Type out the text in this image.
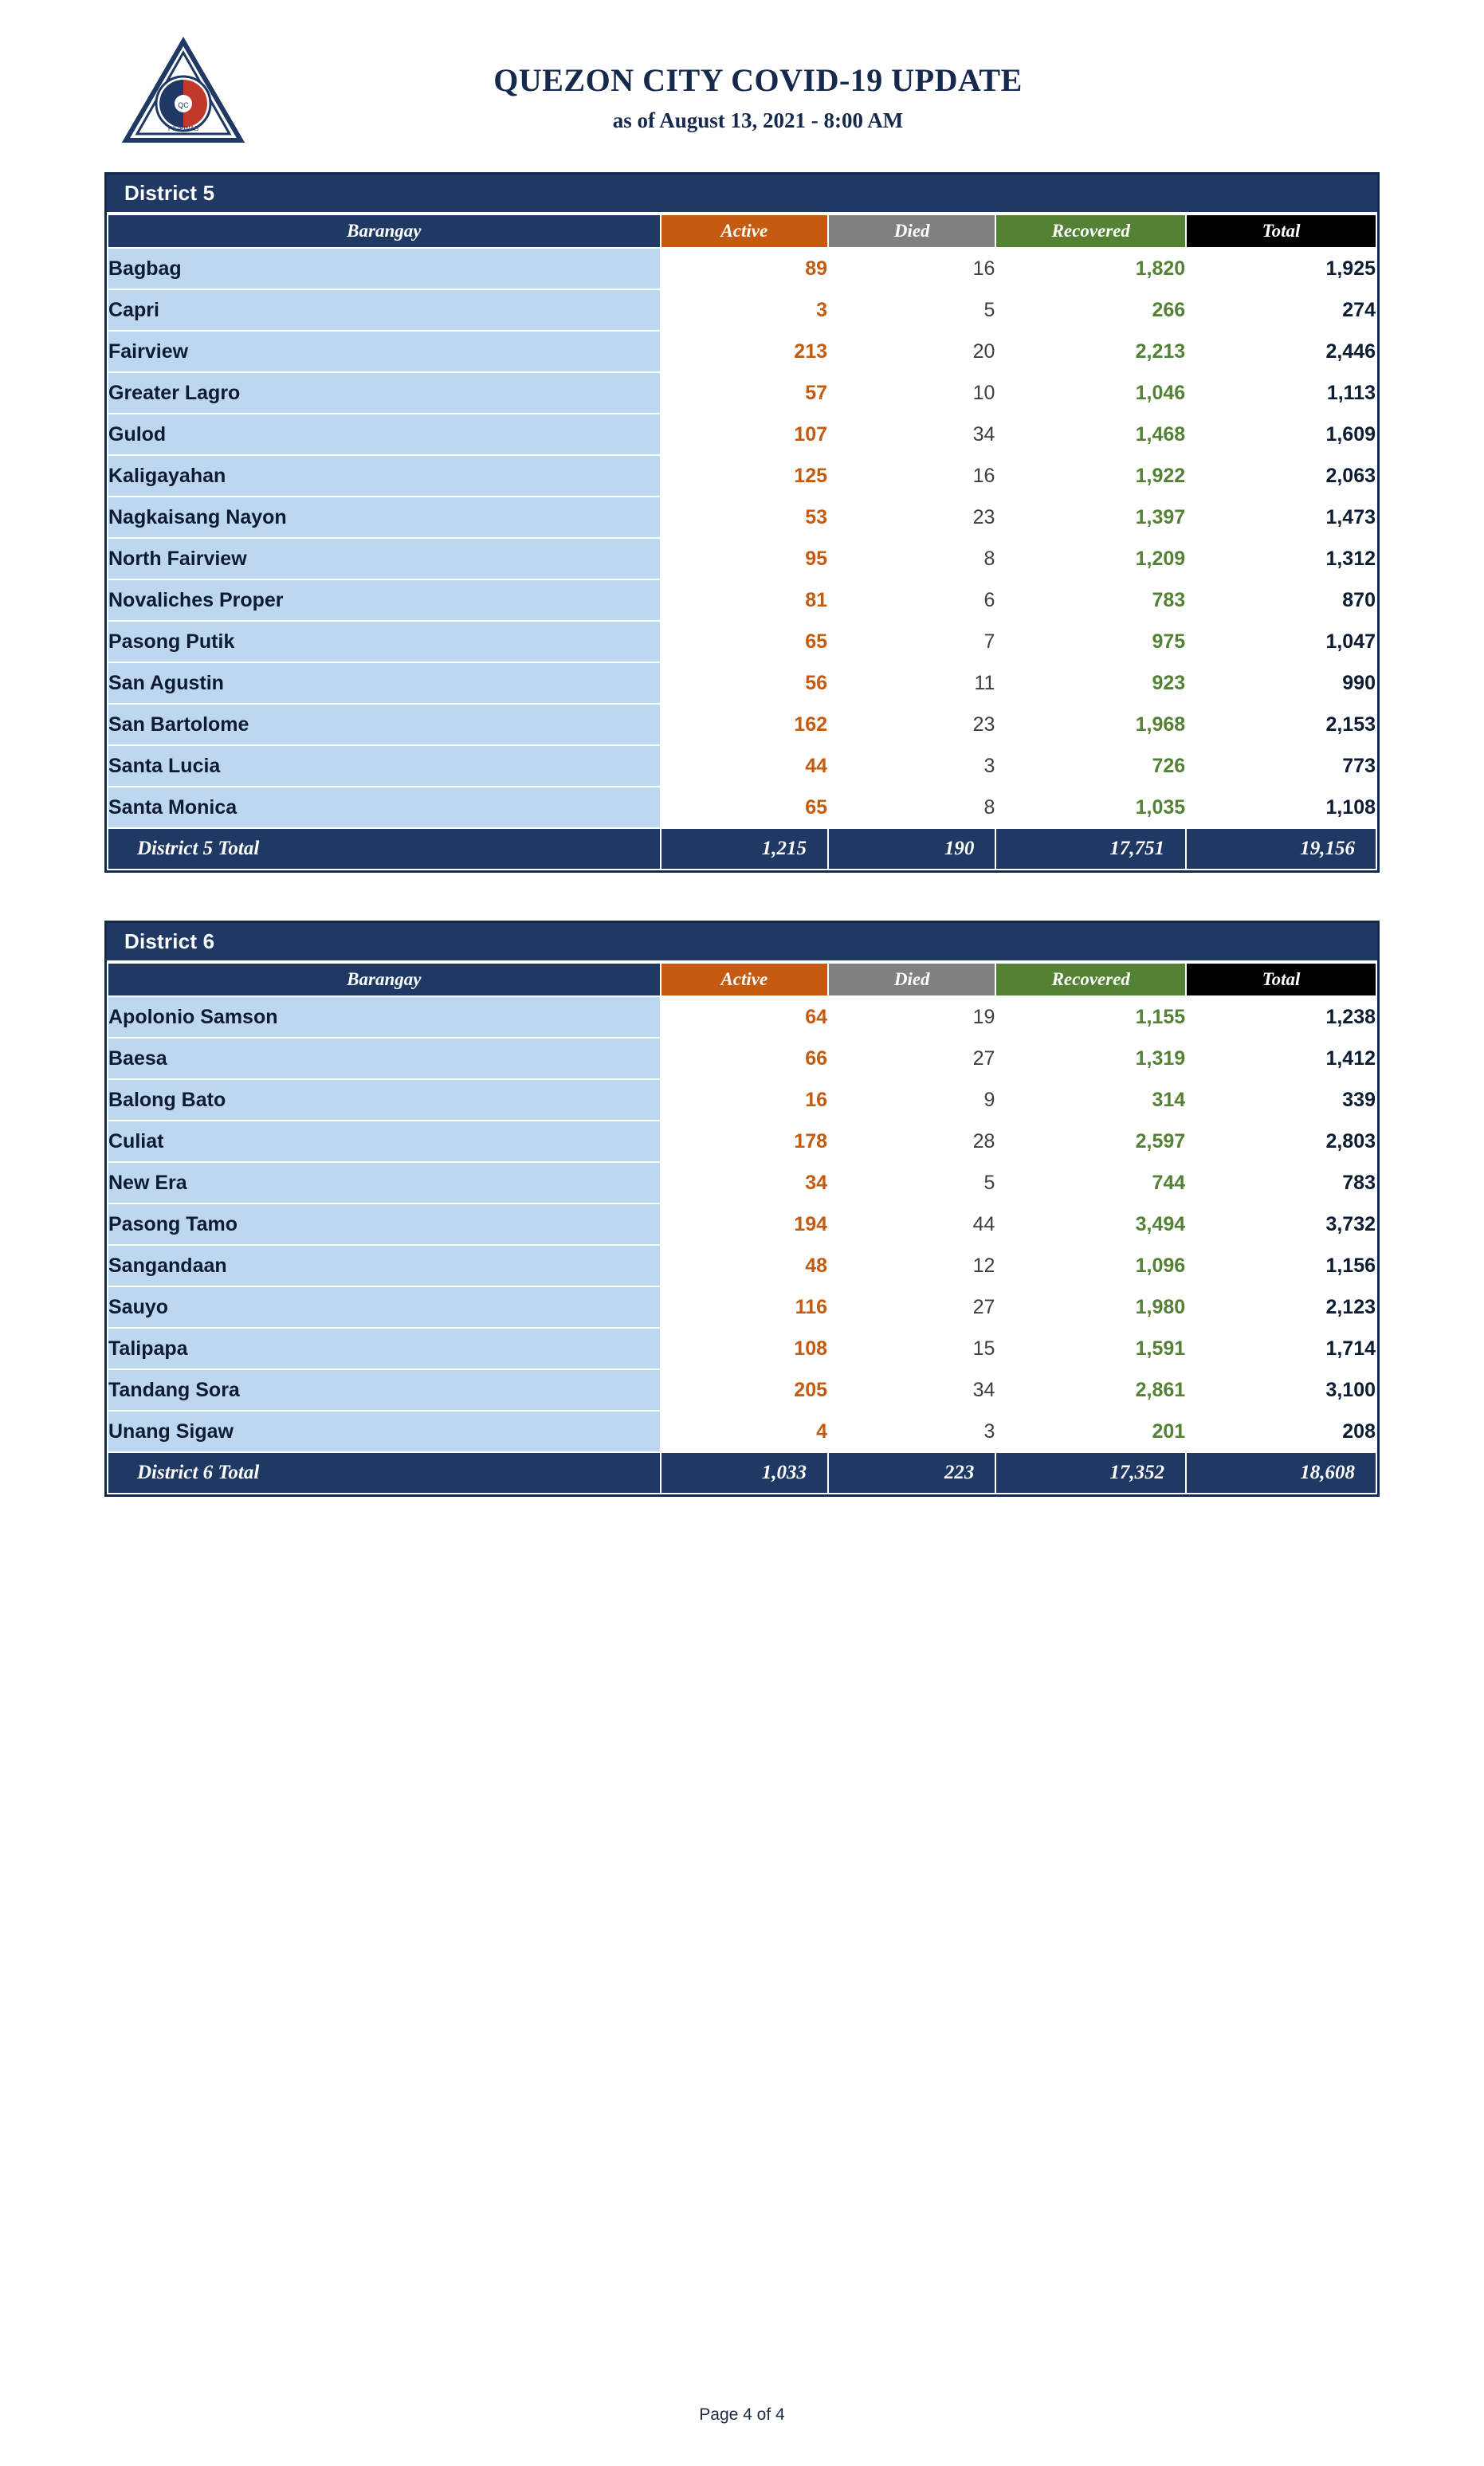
QC
PILIPINAS
QUEZON CITY COVID-19 UPDATE
as of August 13, 2021 - 8:00 AM
District 5
Barangay	Active	Died	Recovered	Total
Bagbag	89	16	1,820	1,925
Capri	3	5	266	274
Fairview	213	20	2,213	2,446
Greater Lagro	57	10	1,046	1,113
Gulod	107	34	1,468	1,609
Kaligayahan	125	16	1,922	2,063
Nagkaisang Nayon	53	23	1,397	1,473
North Fairview	95	8	1,209	1,312
Novaliches Proper	81	6	783	870
Pasong Putik	65	7	975	1,047
San Agustin	56	11	923	990
San Bartolome	162	23	1,968	2,153
Santa Lucia	44	3	726	773
Santa Monica	65	8	1,035	1,108
District 5 Total	1,215	190	17,751	19,156
District 6
Barangay	Active	Died	Recovered	Total
Apolonio Samson	64	19	1,155	1,238
Baesa	66	27	1,319	1,412
Balong Bato	16	9	314	339
Culiat	178	28	2,597	2,803
New Era	34	5	744	783
Pasong Tamo	194	44	3,494	3,732
Sangandaan	48	12	1,096	1,156
Sauyo	116	27	1,980	2,123
Talipapa	108	15	1,591	1,714
Tandang Sora	205	34	2,861	3,100
Unang Sigaw	4	3	201	208
District 6 Total	1,033	223	17,352	18,608
Page 4 of 4
